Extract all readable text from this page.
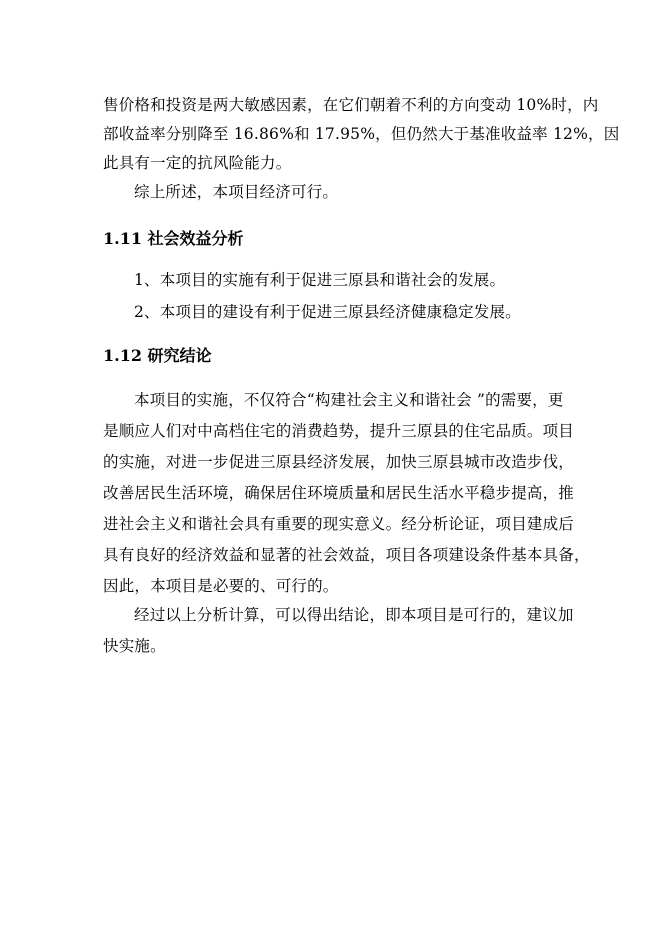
售价格和投资是两大敏感因素，在它们朝着不利的方向变动 10%时，内
部收益率分别降至 16.86%和 17.95%，但仍然大于基准收益率 12%，因
此具有一定的抗风险能力。
综上所述，本项目经济可行。
1.11 社会效益分析
1、本项目的实施有利于促进三原县和谐社会的发展。
2、本项目的建设有利于促进三原县经济健康稳定发展。
1.12 研究结论
本项目的实施，不仅符合“构建社会主义和谐社会 ”的需要，更
是顺应人们对中高档住宅的消费趋势，提升三原县的住宅品质。项目
的实施，对进一步促进三原县经济发展，加快三原县城市改造步伐，
改善居民生活环境，确保居住环境质量和居民生活水平稳步提高，推
进社会主义和谐社会具有重要的现实意义。经分析论证，项目建成后
具有良好的经济效益和显著的社会效益，项目各项建设条件基本具备，
因此，本项目是必要的、可行的。
经过以上分析计算，可以得出结论，即本项目是可行的，建议加
快实施。
